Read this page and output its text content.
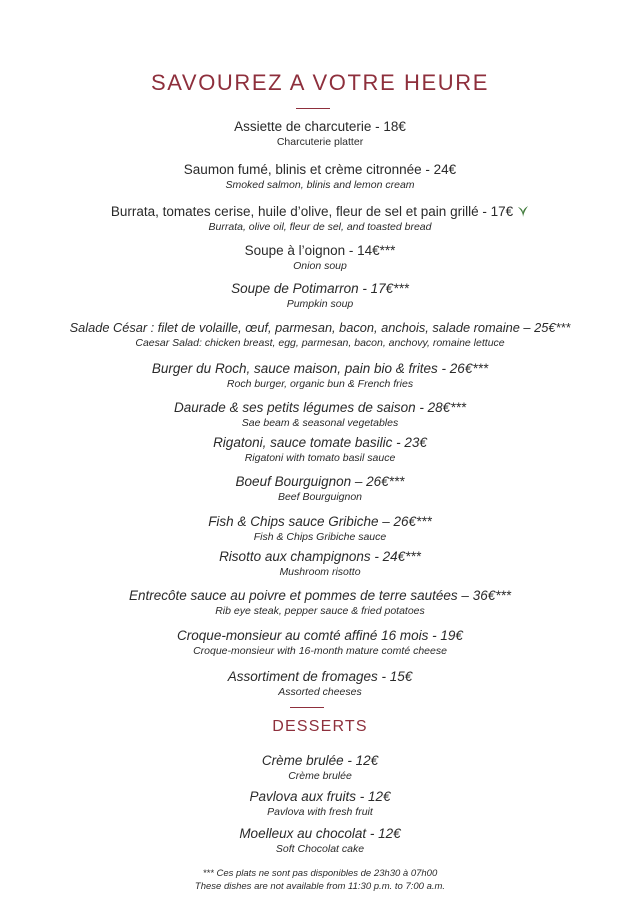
SAVOUREZ A VOTRE HEURE
Assiette de charcuterie - 18€
Charcuterie platter
Saumon fumé, blinis et crème citronnée - 24€
Smoked salmon, blinis and lemon cream
Burrata, tomates cerise, huile d’olive, fleur de sel et pain grillé - 17€
Burrata, olive oil, fleur de sel, and toasted bread
Soupe à l’oignon - 14€***
Onion soup
Soupe de Potimarron - 17€***
Pumpkin soup
Salade César : filet de volaille, œuf, parmesan, bacon, anchois, salade romaine – 25€***
Caesar Salad: chicken breast, egg, parmesan, bacon, anchovy, romaine lettuce
Burger du Roch, sauce maison, pain bio & frites - 26€***
Roch burger, organic bun & French fries
Daurade & ses petits légumes de saison - 28€***
Sae beam & seasonal vegetables
Rigatoni, sauce tomate basilic - 23€
Rigatoni with tomato basil sauce
Boeuf Bourguignon – 26€***
Beef Bourguignon
Fish & Chips sauce Gribiche – 26€***
Fish & Chips Gribiche sauce
Risotto aux champignons - 24€***
Mushroom risotto
Entrecôte sauce au poivre et pommes de terre sautées – 36€***
Rib eye steak, pepper sauce & fried potatoes
Croque-monsieur au comté affiné 16 mois - 19€
Croque-monsieur with 16-month mature comté cheese
Assortiment de fromages - 15€
Assorted cheeses
DESSERTS
Crème brulée - 12€
Crème brulée
Pavlova aux fruits - 12€
Pavlova with fresh fruit
Moelleux au chocolat - 12€
Soft Chocolat cake
*** Ces plats ne sont pas disponibles de 23h30 à 07h00
These dishes are not available from 11:30 p.m. to 7:00 a.m.
